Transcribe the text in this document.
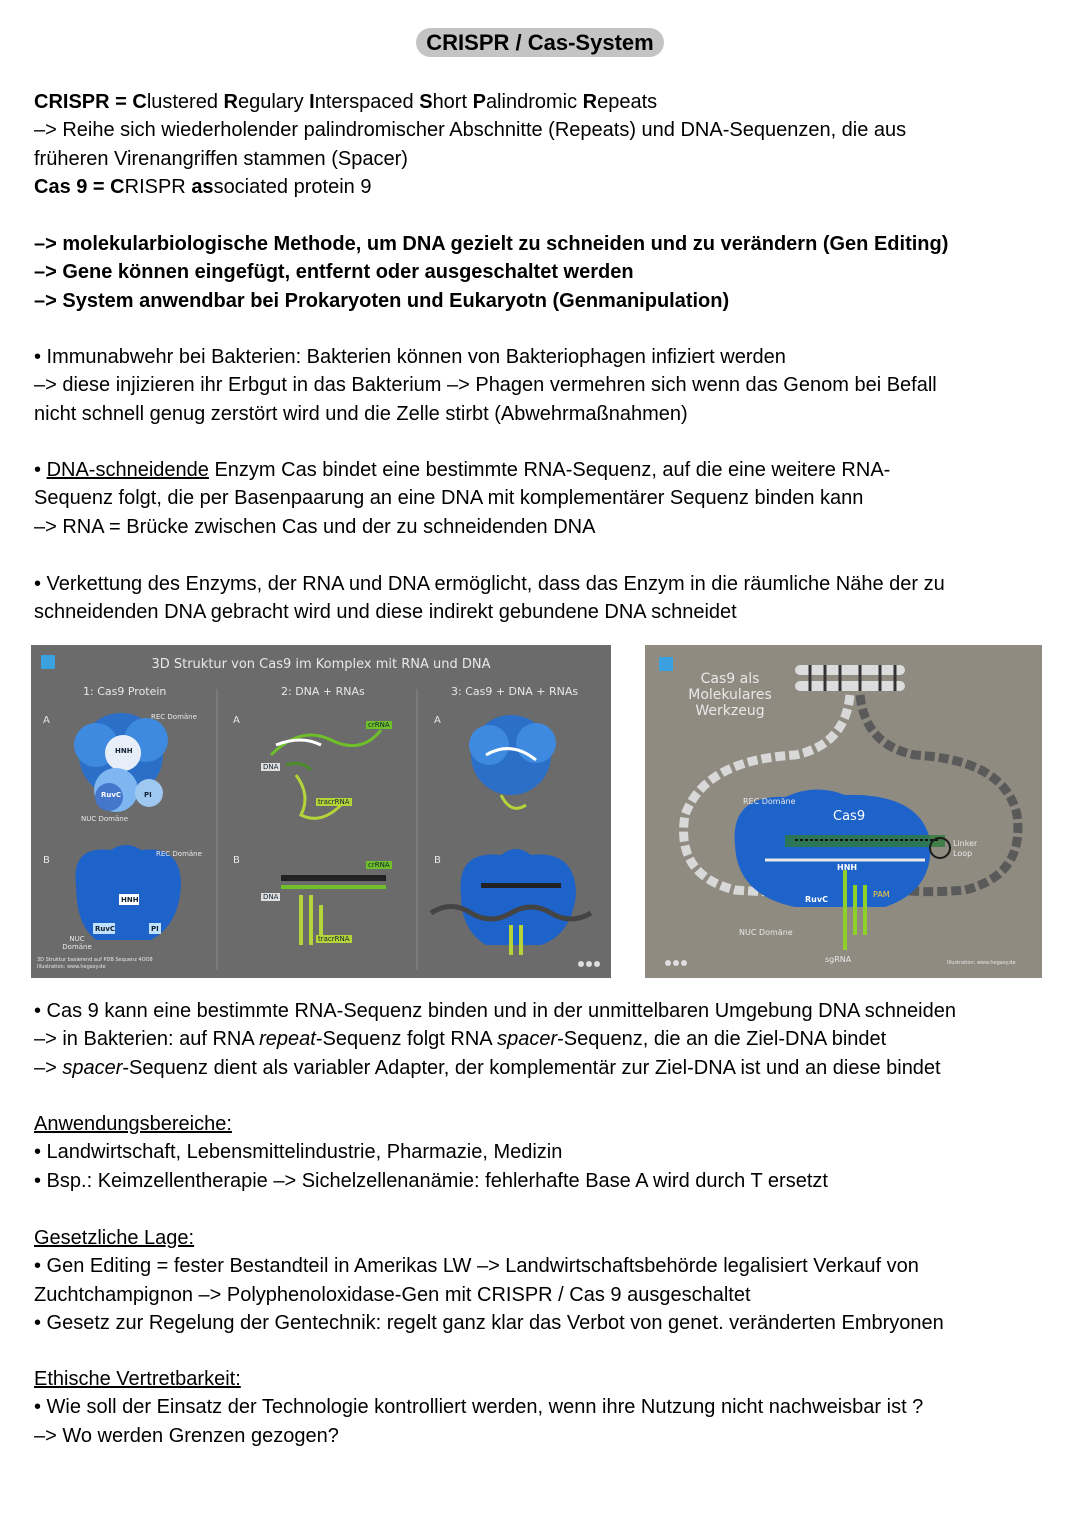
CRISPR / Cas-System
CRISPR = Clustered Regulary Interspaced Short Palindromic Repeats
–> Reihe sich wiederholender palindromischer Abschnitte (Repeats) und DNA-Sequenzen, die aus
früheren Virenangriffen stammen (Spacer)
Cas 9 = CRISPR associated protein 9
–> molekularbiologische Methode, um DNA gezielt zu schneiden und zu verändern (Gen Editing)
–> Gene können eingefügt, entfernt oder ausgeschaltet werden
–> System anwendbar bei Prokaryoten und Eukaryotn (Genmanipulation)
• Immunabwehr bei Bakterien: Bakterien können von Bakteriophagen infiziert werden
–> diese injizieren ihr Erbgut in das Bakterium –> Phagen vermehren sich wenn das Genom bei Befall
nicht schnell genug zerstört wird und die Zelle stirbt (Abwehrmaßnahmen)
• DNA-schneidende Enzym Cas bindet eine bestimmte RNA-Sequenz, auf die eine weitere RNA-
Sequenz folgt, die per Basenpaarung an eine DNA mit komplementärer Sequenz binden kann
–> RNA = Brücke zwischen Cas und der zu schneidenden DNA
• Verkettung des Enzyms, der RNA und DNA ermöglicht, dass das Enzym in die räumliche Nähe der zu
schneidenden DNA gebracht wird und diese indirekt gebundene DNA schneidet
3D Struktur von Cas9 im Komplex mit RNA und DNA
1: Cas9 Protein	2: DNA + RNAs	3: Cas9 + DNA + RNAs
A
B
A
B
A
B
REC Domäne
REC Domäne
NUC Domäne
NUC Domäne
HNH
HNH
RuvC
RuvC
PI
PI
crRNA
crRNA
tracrRNA
tracrRNA
DNA
DNA
3D Struktur basierend auf PDB Sequenz 4OO8
Illustration: www.hegasy.de
Cas9 als
Molekulares
Werkzeug
REC Domäne
Cas9
Linker
Loop
HNH
RuvC
PAM
NUC Domäne
sgRNA	Illustration: www.hegasy.de
• Cas 9 kann eine bestimmte RNA-Sequenz binden und in der unmittelbaren Umgebung DNA schneiden
–> in Bakterien: auf RNA repeat-Sequenz folgt RNA spacer-Sequenz, die an die Ziel-DNA bindet
–> spacer-Sequenz dient als variabler Adapter, der komplementär zur Ziel-DNA ist und an diese bindet
Anwendungsbereiche:
• Landwirtschaft, Lebensmittelindustrie, Pharmazie, Medizin
• Bsp.: Keimzellentherapie –> Sichelzellenanämie: fehlerhafte Base A wird durch T ersetzt
Gesetzliche Lage:
• Gen Editing = fester Bestandteil in Amerikas LW –> Landwirtschaftsbehörde legalisiert Verkauf von
Zuchtchampignon –> Polyphenoloxidase-Gen mit CRISPR / Cas 9 ausgeschaltet
• Gesetz zur Regelung der Gentechnik: regelt ganz klar das Verbot von genet. veränderten Embryonen
Ethische Vertretbarkeit:
• Wie soll der Einsatz der Technologie kontrolliert werden, wenn ihre Nutzung nicht nachweisbar ist ?
–> Wo werden Grenzen gezogen?
